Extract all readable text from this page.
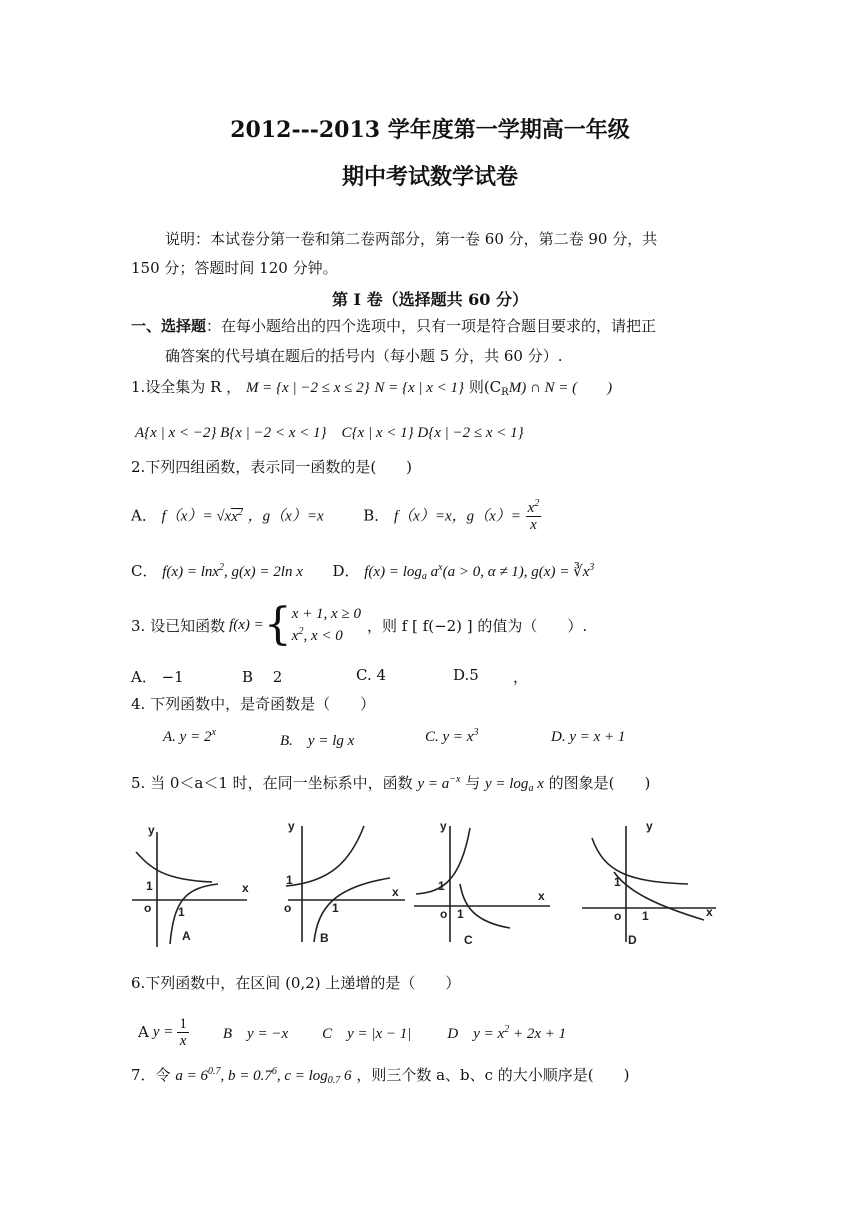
2012---2013 学年度第一学期高一年级
期中考试数学试卷
说明：本试卷分第一卷和第二卷两部分，第一卷 60 分，第二卷 90 分，共
150 分；答题时间 120 分钟。
第 Ⅰ 卷（选择题共 60 分）
一、选择题：在每小题给出的四个选项中，只有一项是符合题目要求的，请把正
确答案的代号填在题后的括号内（每小题 5 分，共 60 分）.
1.设全集为 R ， M = {x | −2 ≤ x ≤ 2} N = {x | x < 1} 则$(C_RM)$ ∩ N = (　　)
A{x | x < −2} B{x | −2 < x < 1}　C{x | x < 1} D{x | −2 ≤ x < 1}
2.下列四组函数，表示同一函数的是(　　)
A． $f(x)= √xx^2$ ，g（x）=x	B． f（x）=x，$g(x)= \frac{x^2}{x}$
C． f(x) = lnx$^2$, g(x) = 2ln x D． $f(x) = \log_a a^x(a > 0$, α ≠ 1), $g(x) = ∛x^3$
3. 设已知函数 f(x) = { x + 1, x ≥ 0
$x^2$, x < 0
，则 f [ f(−2) ] 的值为（　　）.
A． −1	B　 2	C. 4	D.5 ，
4. 下列函数中，是奇函数是（　　）
A. $y = 2^x$
B.　y = lg x	C. $y = x^3$	D. y = x + 1
5. 当 0＜a＜1 时，在同一坐标系中，函数 $y = a^{-x}$ 与 $y = \log_a x$ 的图象是(　　)
y
x
o
1
1
A
y
x
o
1
1
B
y
x
o
1
1
C
y
x
o
1
1
D
6.下列函数中，在区间 (0,2) 上递增的是（　　）
A $y = \frac{1}{x}$ B　y = −x C　y = |x − 1| D　$y = x^2 + 2x + 1$
7．令 $a = 6^{0.7}$, $b = 0.7^6$, $c = \log_{0.7} 6$ ，则三个数 a、b、c 的大小顺序是(　　)
